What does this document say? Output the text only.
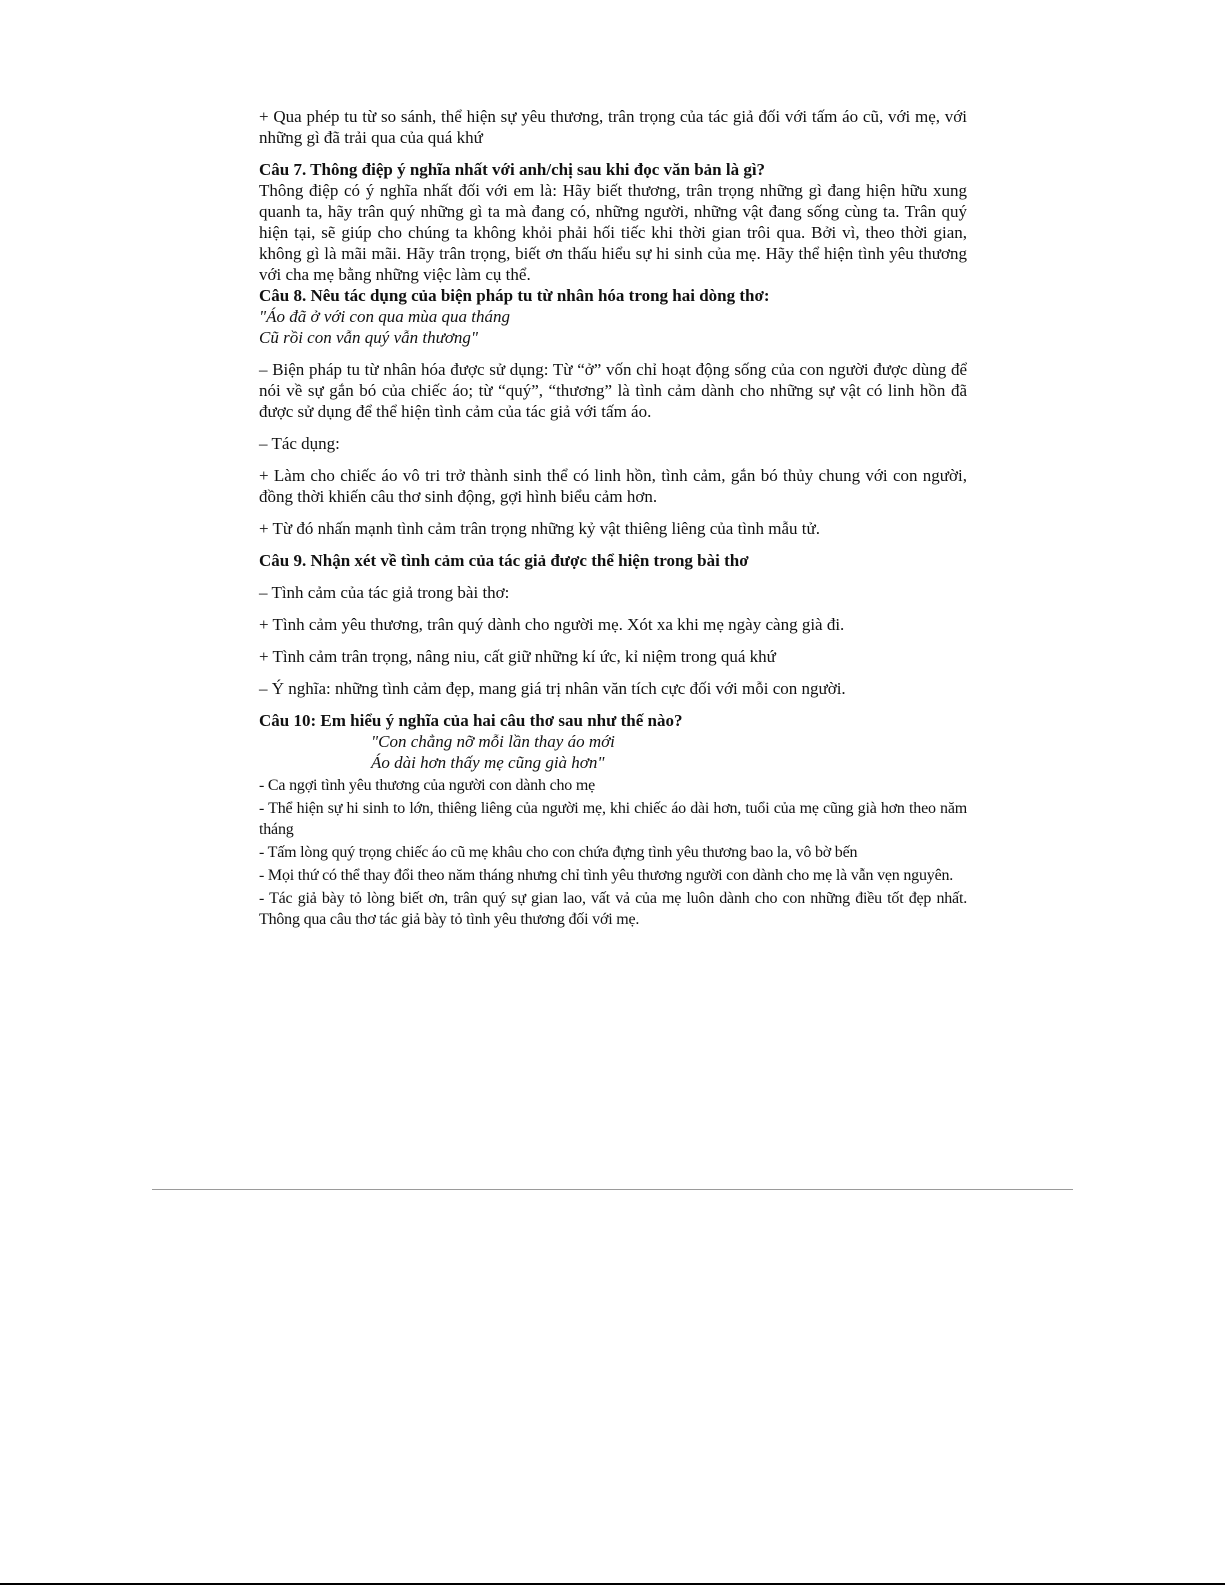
+ Qua phép tu từ so sánh, thể hiện sự yêu thương, trân trọng của tác giả đối với tấm áo cũ, với mẹ, với những gì đã trải qua của quá khứ

Câu 7. Thông điệp ý nghĩa nhất với anh/chị sau khi đọc văn bản là gì?

Thông điệp có ý nghĩa nhất đối với em là: Hãy biết thương, trân trọng những gì đang hiện hữu xung quanh ta, hãy trân quý những gì ta mà đang có, những người, những vật đang sống cùng ta. Trân quý hiện tại, sẽ giúp cho chúng ta không khỏi phải hối tiếc khi thời gian trôi qua. Bởi vì, theo thời gian, không gì là mãi mãi. Hãy trân trọng, biết ơn thấu hiểu sự hi sinh của mẹ. Hãy thể hiện tình yêu thương với cha mẹ bằng những việc làm cụ thể.

Câu 8. Nêu tác dụng của biện pháp tu từ nhân hóa trong hai dòng thơ:

"Áo đã ở với con qua mùa qua tháng

Cũ rồi con vẫn quý vẫn thương"

– Biện pháp tu từ nhân hóa được sử dụng: Từ “ở” vốn chỉ hoạt động sống của con người được dùng để nói về sự gắn bó của chiếc áo; từ “quý”, “thương” là tình cảm dành cho những sự vật có linh hồn đã được sử dụng để thể hiện tình cảm của tác giả với tấm áo.

– Tác dụng:

+ Làm cho chiếc áo vô tri trở thành sinh thể có linh hồn, tình cảm, gắn bó thủy chung với con người, đồng thời khiến câu thơ sinh động, gợi hình biểu cảm hơn.

+ Từ đó nhấn mạnh tình cảm trân trọng những kỷ vật thiêng liêng của tình mẫu tử.

Câu 9. Nhận xét về tình cảm của tác giả được thể hiện trong bài thơ

– Tình cảm của tác giả trong bài thơ:

+ Tình cảm yêu thương, trân quý dành cho người mẹ. Xót xa khi mẹ ngày càng già đi.

+ Tình cảm trân trọng, nâng niu, cất giữ những kí ức, kỉ niệm trong quá khứ

– Ý nghĩa: những tình cảm đẹp, mang giá trị nhân văn tích cực đối với mỗi con người.

Câu 10: Em hiểu ý nghĩa của hai câu thơ sau như thế nào?

"Con chẳng nỡ mỗi lần thay áo mới

Áo dài hơn thấy mẹ cũng già hơn"

- Ca ngợi tình yêu thương của người con dành cho mẹ

- Thể hiện sự hi sinh to lớn, thiêng liêng của người mẹ, khi chiếc áo dài hơn, tuổi của mẹ cũng già hơn theo năm tháng

- Tấm lòng quý trọng chiếc áo cũ mẹ khâu cho con chứa đựng tình yêu thương bao la, vô bờ bến

- Mọi thứ có thể thay đổi theo năm tháng nhưng chỉ tình yêu thương người con dành cho mẹ là vẫn vẹn nguyên.

- Tác giả bày tỏ lòng biết ơn, trân quý sự gian lao, vất vả của mẹ luôn dành cho con những điều tốt đẹp nhất. Thông qua câu thơ tác giả bày tỏ tình yêu thương đối với mẹ.
